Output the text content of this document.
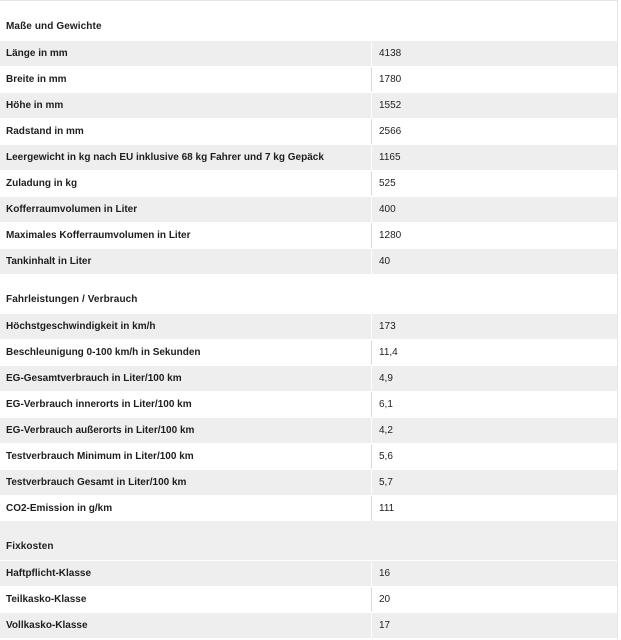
Maße und Gewichte
Länge in mm	4138
Breite in mm	1780
Höhe in mm	1552
Radstand in mm	2566
Leergewicht in kg nach EU inklusive 68 kg Fahrer und 7 kg Gepäck	1165
Zuladung in kg	525
Kofferraumvolumen in Liter	400
Maximales Kofferraumvolumen in Liter	1280
Tankinhalt in Liter	40
Fahrleistungen / Verbrauch
Höchstgeschwindigkeit in km/h	173
Beschleunigung 0-100 km/h in Sekunden	11,4
EG-Gesamtverbrauch in Liter/100 km	4,9
EG-Verbrauch innerorts in Liter/100 km	6,1
EG-Verbrauch außerorts in Liter/100 km	4,2
Testverbrauch Minimum in Liter/100 km	5,6
Testverbrauch Gesamt in Liter/100 km	5,7
CO2-Emission in g/km	111
Fixkosten
Haftpflicht-Klasse	16
Teilkasko-Klasse	20
Vollkasko-Klasse	17
